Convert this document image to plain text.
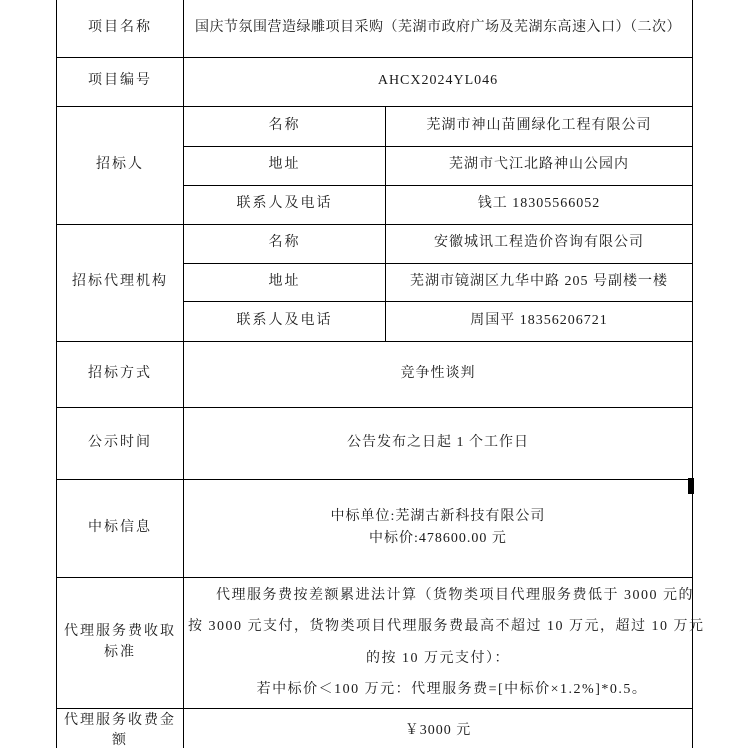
项目名称	国庆节氛围营造绿雕项目采购（芜湖市政府广场及芜湖东高速入口）（二次）	
项目编号	AHCX2024YL046	
招标人	名称	芜湖市神山苗圃绿化工程有限公司
	地址	芜湖市弋江北路神山公园内
	联系人及电话	钱工 18305566052
招标代理机构	名称	安徽城讯工程造价咨询有限公司
	地址	芜湖市镜湖区九华中路 205 号副楼一楼
	联系人及电话	周国平 18356206721
招标方式	竞争性谈判	
公示时间	公告发布之日起 1 个工作日	
中标信息	中标单位:芜湖古新科技有限公司
中标价:478600.00 元	

代理服务费收取标准	代理服务费按差额累进法计算（货物类项目代理服务费低于 3000 元的
按 3000 元支付，货物类项目代理服务费最高不超过 10 万元，超过 10 万元
的按 10 万元支付）：
若中标价＜100 万元：代理服务费=[中标价×1.2%]*0.5。	

代理服务收费金额	￥3000 元	
